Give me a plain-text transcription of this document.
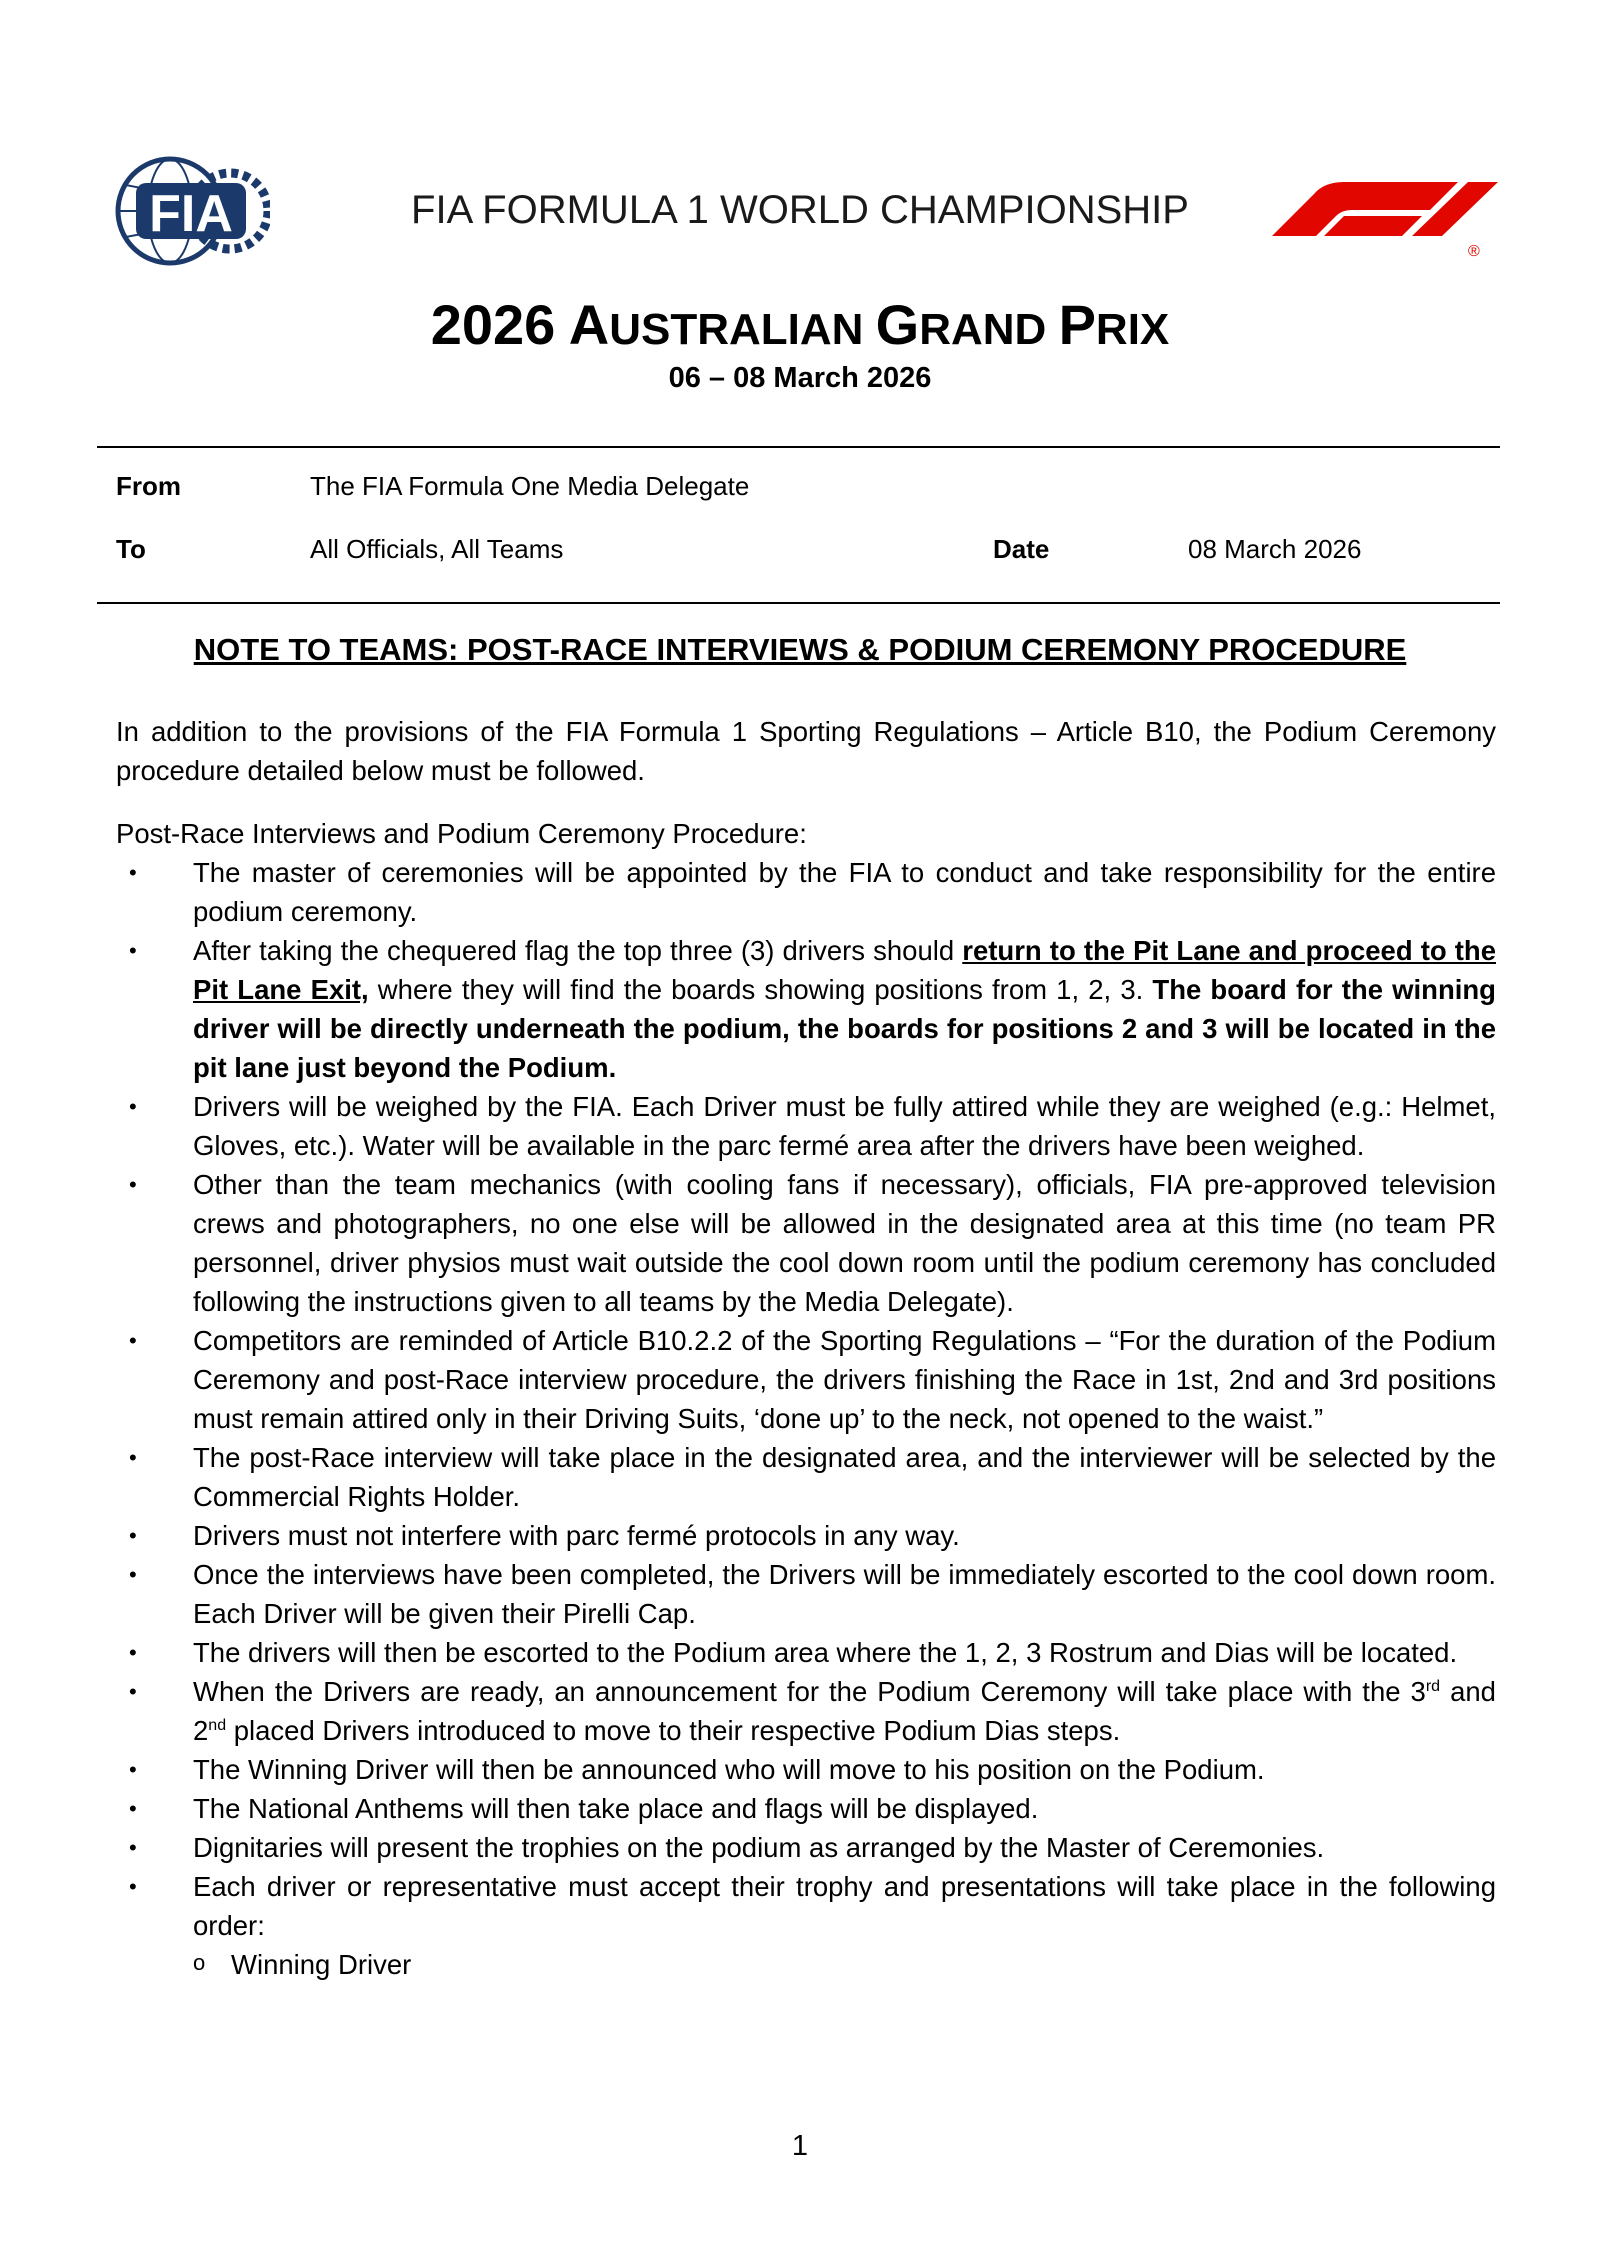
FIA	FIA FORMULA 1 WORLD CHAMPIONSHIP
®
2026 AUSTRALIAN GRAND PRIX
06 – 08 March 2026
From	The FIA Formula One Media Delegate
To	All Officials, All Teams	Date	08 March 2026
NOTE TO TEAMS: POST-RACE INTERVIEWS & PODIUM CEREMONY PROCEDURE

In addition to the provisions of the FIA Formula 1 Sporting Regulations – Article B10, the Podium Ceremony procedure detailed below must be followed.

Post-Race Interviews and Podium Ceremony Procedure:

• The master of ceremonies will be appointed by the FIA to conduct and take responsibility for the entire podium ceremony.
• After taking the chequered flag the top three (3) drivers should return to the Pit Lane and proceed to the Pit Lane Exit, where they will find the boards showing positions from 1, 2, 3. The board for the winning driver will be directly underneath the podium, the boards for positions 2 and 3 will be located in the pit lane just beyond the Podium.
• Drivers will be weighed by the FIA. Each Driver must be fully attired while they are weighed (e.g.: Helmet, Gloves, etc.). Water will be available in the parc fermé area after the drivers have been weighed.
• Other than the team mechanics (with cooling fans if necessary), officials, FIA pre-approved television crews and photographers, no one else will be allowed in the designated area at this time (no team PR personnel, driver physios must wait outside the cool down room until the podium ceremony has concluded following the instructions given to all teams by the Media Delegate).
• Competitors are reminded of Article B10.2.2 of the Sporting Regulations – “For the duration of the Podium Ceremony and post-Race interview procedure, the drivers finishing the Race in 1st, 2nd and 3rd positions must remain attired only in their Driving Suits, ‘done up’ to the neck, not opened to the waist.”
• The post-Race interview will take place in the designated area, and the interviewer will be selected by the Commercial Rights Holder.
• Drivers must not interfere with parc fermé protocols in any way.
• Once the interviews have been completed, the Drivers will be immediately escorted to the cool down room. Each Driver will be given their Pirelli Cap.
• The drivers will then be escorted to the Podium area where the 1, 2, 3 Rostrum and Dias will be located.
• When the Drivers are ready, an announcement for the Podium Ceremony will take place with the 3rd and 2nd placed Drivers introduced to move to their respective Podium Dias steps.
• The Winning Driver will then be announced who will move to his position on the Podium.
• The National Anthems will then take place and flags will be displayed.
• Dignitaries will present the trophies on the podium as arranged by the Master of Ceremonies.
• Each driver or representative must accept their trophy and presentations will take place in the following order:
o Winning Driver
1
